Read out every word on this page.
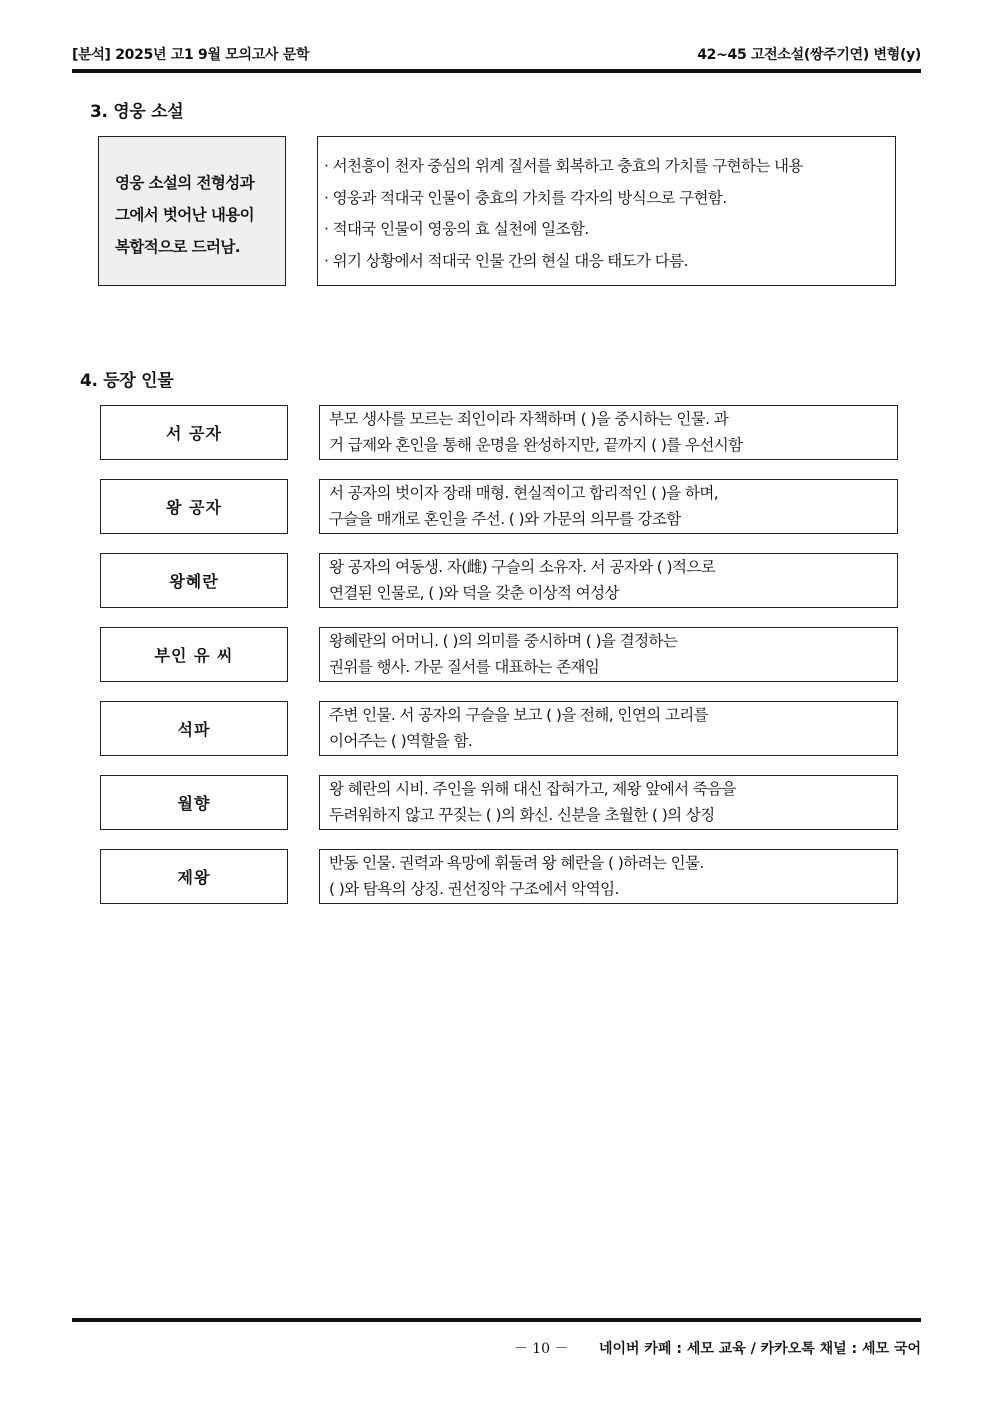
[분석] 2025년 고1 9월 모의고사 문학	42~45 고전소설(쌍주기연) 변형(y)
3. 영웅 소설
영웅 소설의 전형성과
그에서 벗어난 내용이
복합적으로 드러남.
· 서천흥이 천자 중심의 위계 질서를 회복하고 충효의 가치를 구현하는 내용
· 영웅과 적대국 인물이 충효의 가치를 각자의 방식으로 구현함.
· 적대국 인물이 영웅의 효 실천에 일조함.
· 위기 상황에서 적대국 인물 간의 현실 대응 태도가 다름.
4. 등장 인물
서 공자
부모 생사를 모르는 죄인이라 자책하며 ( )을 중시하는 인물. 과
거 급제와 혼인을 통해 운명을 완성하지만, 끝까지 ( )를 우선시함
왕 공자
서 공자의 벗이자 장래 매형. 현실적이고 합리적인 ( )을 하며,
구슬을 매개로 혼인을 주선. ( )와 가문의 의무를 강조함
왕혜란
왕 공자의 여동생. 자(雌) 구슬의 소유자. 서 공자와 ( )적으로
연결된 인물로, ( )와 덕을 갖춘 이상적 여성상
부인 유 씨
왕혜란의 어머니. ( )의 의미를 중시하며 ( )을 결정하는
권위를 행사. 가문 질서를 대표하는 존재임
석파
주변 인물. 서 공자의 구슬을 보고 ( )을 전해, 인연의 고리를
이어주는 ( )역할을 함.
월향
왕 혜란의 시비. 주인을 위해 대신 잡혀가고, 제왕 앞에서 죽음을
두려워하지 않고 꾸짖는 ( )의 화신. 신분을 초월한 ( )의 상징
제왕
반동 인물. 권력과 욕망에 휘둘려 왕 혜란을 ( )하려는 인물.
( )와 탐욕의 상징. 권선징악 구조에서 악역임.
－ 10 － 네이버 카페 : 세모 교육 / 카카오톡 채널 : 세모 국어
